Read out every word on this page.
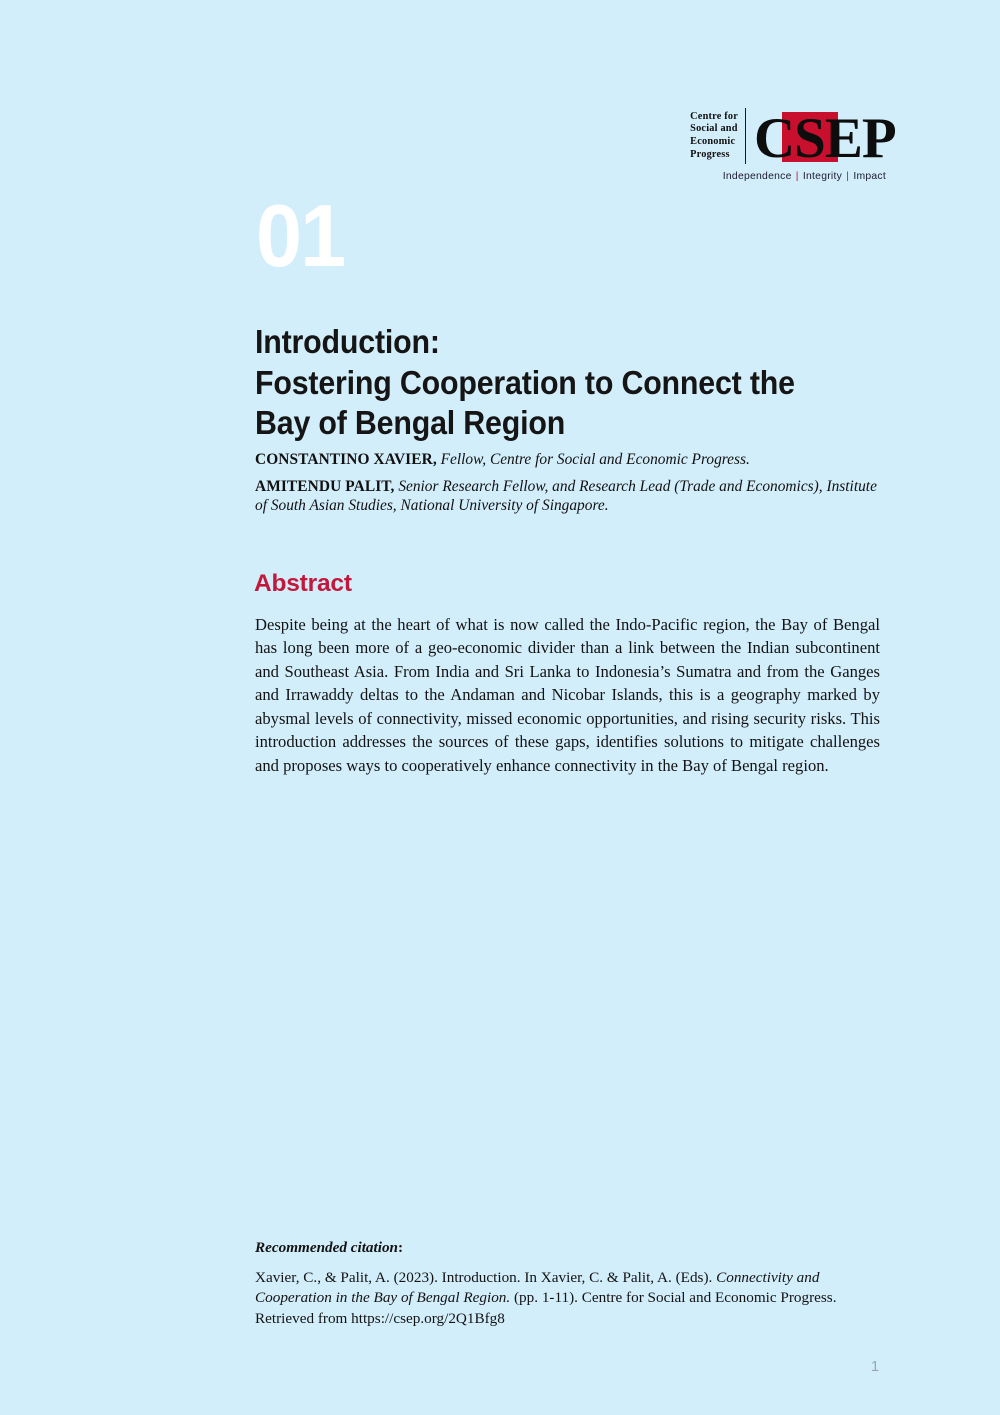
Centre for
Social and
Economic
Progress CSEP
Independence | Integrity | Impact
01
Introduction:
Fostering Cooperation to Connect the
Bay of Bengal Region
CONSTANTINO XAVIER, Fellow, Centre for Social and Economic Progress.
AMITENDU PALIT, Senior Research Fellow, and Research Lead (Trade and Economics), Institute of South Asian Studies, National University of Singapore.
Abstract

Despite being at the heart of what is now called the Indo-Pacific region, the Bay of Bengal has long been more of a geo-economic divider than a link between the Indian subcontinent and Southeast Asia. From India and Sri Lanka to Indonesia’s Sumatra and from the Ganges and Irrawaddy deltas to the Andaman and Nicobar Islands, this is a geography marked by abysmal levels of connectivity, missed economic opportunities, and rising security risks. This introduction addresses the sources of these gaps, identifies solutions to mitigate challenges and proposes ways to cooperatively enhance connectivity in the Bay of Bengal region.

Recommended citation:
Xavier, C., & Palit, A. (2023). Introduction. In Xavier, C. & Palit, A. (Eds). Connectivity and Cooperation in the Bay of Bengal Region. (pp. 1-11). Centre for Social and Economic Progress. Retrieved from https://csep.org/2Q1Bfg8
1
